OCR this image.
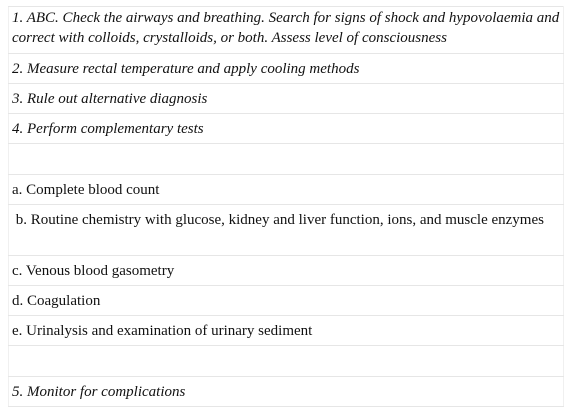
1. ABC. Check the airways and breathing. Search for signs of shock and hypovolaemia and correct with colloids, crystalloids, or both. Assess level of consciousness
2. Measure rectal temperature and apply cooling methods
3. Rule out alternative diagnosis
4. Perform complementary tests

a. Complete blood count
b. Routine chemistry with glucose, kidney and liver function, ions, and muscle enzymes
c. Venous blood gasometry
d. Coagulation
e. Urinalysis and examination of urinary sediment

5. Monitor for complications
